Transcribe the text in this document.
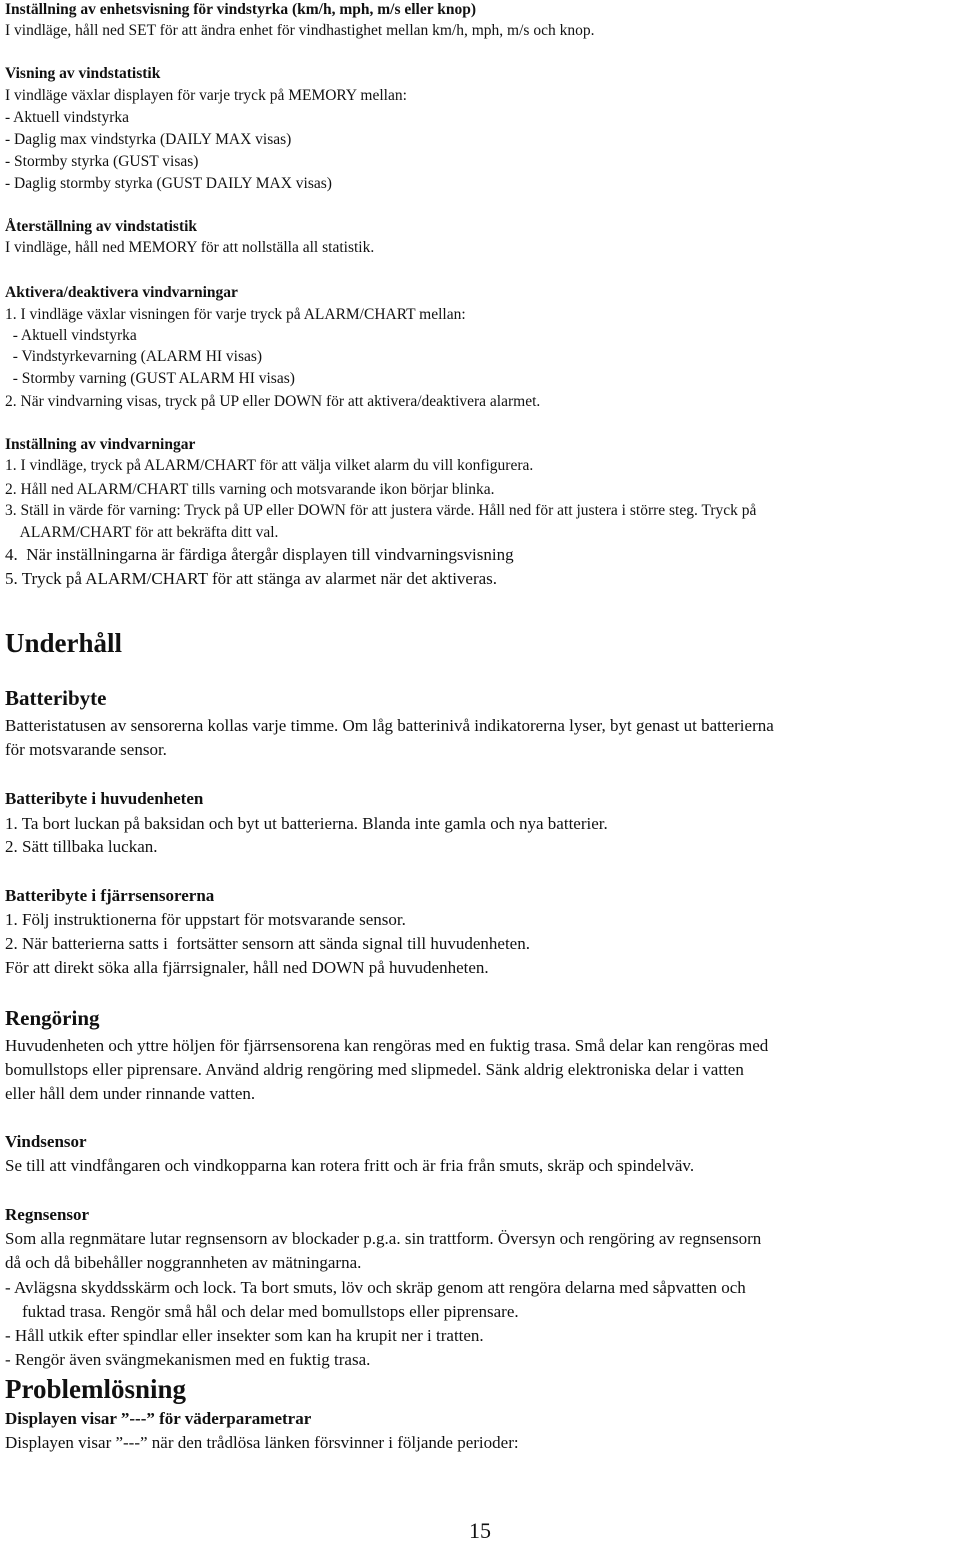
Inställning av enhetsvisning för vindstyrka (km/h, mph, m/s eller knop)
I vindläge, håll ned SET för att ändra enhet för vindhastighet mellan km/h, mph, m/s och knop.
Visning av vindstatistik
I vindläge växlar displayen för varje tryck på MEMORY mellan:
- Aktuell vindstyrka
- Daglig max vindstyrka (DAILY MAX visas)
- Stormby styrka (GUST visas)
- Daglig stormby styrka (GUST DAILY MAX visas)
Återställning av vindstatistik
I vindläge, håll ned MEMORY för att nollställa all statistik.
Aktivera/deaktivera vindvarningar
1. I vindläge växlar visningen för varje tryck på ALARM/CHART mellan:
- Aktuell vindstyrka
- Vindstyrkevarning (ALARM HI visas)
- Stormby varning (GUST ALARM HI visas)
2. När vindvarning visas, tryck på UP eller DOWN för att aktivera/deaktivera alarmet.
Inställning av vindvarningar
1. I vindläge, tryck på ALARM/CHART för att välja vilket alarm du vill konfigurera.
2. Håll ned ALARM/CHART tills varning och motsvarande ikon börjar blinka.
3. Ställ in värde för varning: Tryck på UP eller DOWN för att justera värde. Håll ned för att justera i större steg. Tryck på
ALARM/CHART för att bekräfta ditt val.
4.  När inställningarna är färdiga återgår displayen till vindvarningsvisning
5. Tryck på ALARM/CHART för att stänga av alarmet när det aktiveras.
Underhåll
Batteribyte
Batteristatusen av sensorerna kollas varje timme. Om låg batterinivå indikatorerna lyser, byt genast ut batterierna
för motsvarande sensor.
Batteribyte i huvudenheten
1. Ta bort luckan på baksidan och byt ut batterierna. Blanda inte gamla och nya batterier.
2. Sätt tillbaka luckan.
Batteribyte i fjärrsensorerna
1. Följ instruktionerna för uppstart för motsvarande sensor.
2. När batterierna satts i  fortsätter sensorn att sända signal till huvudenheten.
För att direkt söka alla fjärrsignaler, håll ned DOWN på huvudenheten.
Rengöring
Huvudenheten och yttre höljen för fjärrsensorena kan rengöras med en fuktig trasa. Små delar kan rengöras med
bomullstops eller piprensare. Använd aldrig rengöring med slipmedel. Sänk aldrig elektroniska delar i vatten
eller håll dem under rinnande vatten.
Vindsensor
Se till att vindfångaren och vindkopparna kan rotera fritt och är fria från smuts, skräp och spindelväv.
Regnsensor
Som alla regnmätare lutar regnsensorn av blockader p.g.a. sin trattform. Översyn och rengöring av regnsensorn
då och då bibehåller noggrannheten av mätningarna.
- Avlägsna skyddsskärm och lock. Ta bort smuts, löv och skräp genom att rengöra delarna med såpvatten och
fuktad trasa. Rengör små hål och delar med bomullstops eller piprensare.
- Håll utkik efter spindlar eller insekter som kan ha krupit ner i tratten.
- Rengör även svängmekanismen med en fuktig trasa.
Problemlösning
Displayen visar ”---” för väderparametrar
Displayen visar ”---” när den trådlösa länken försvinner i följande perioder:
15
